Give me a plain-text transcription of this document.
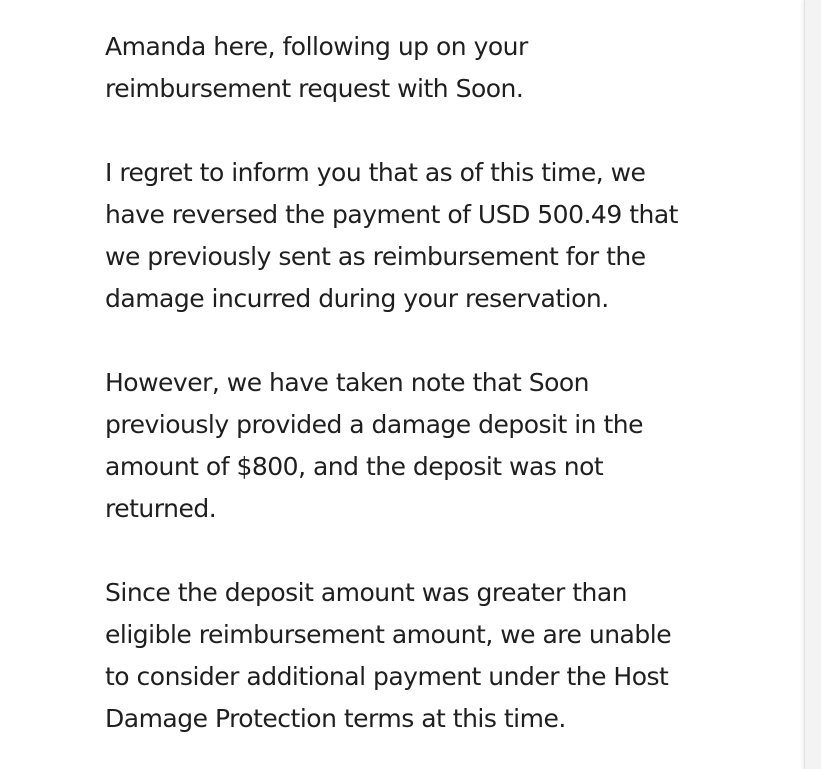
Amanda here, following up on your
reimbursement request with Soon.

I regret to inform you that as of this time, we
have reversed the payment of USD 500.49 that
we previously sent as reimbursement for the
damage incurred during your reservation.

However, we have taken note that Soon
previously provided a damage deposit in the
amount of $800, and the deposit was not
returned.

Since the deposit amount was greater than
eligible reimbursement amount, we are unable
to consider additional payment under the Host
Damage Protection terms at this time.
